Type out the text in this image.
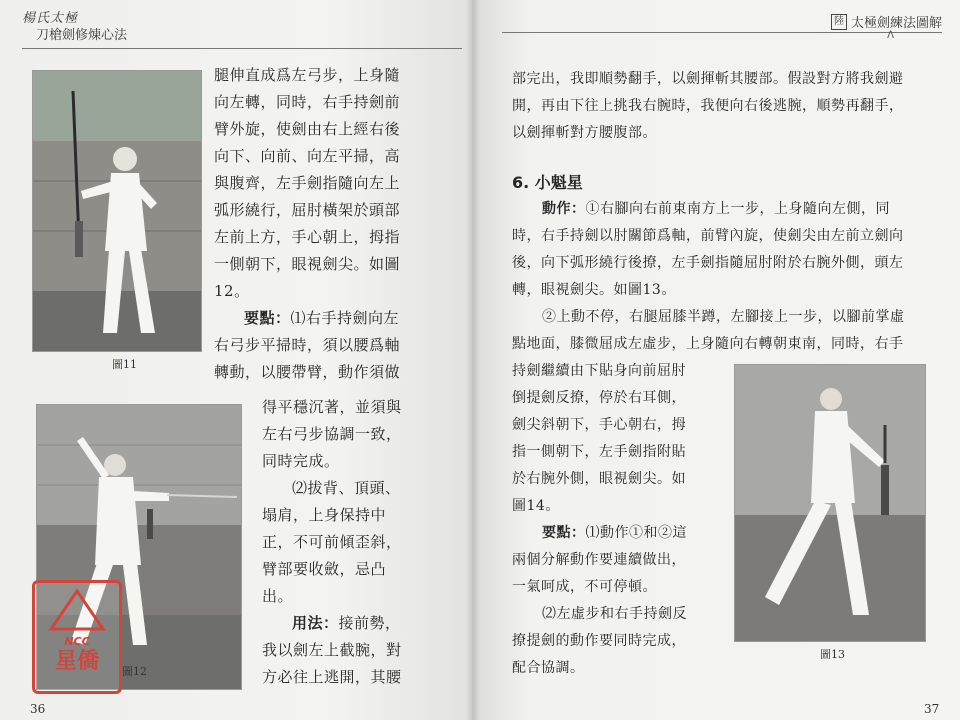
楊氏太極
刀槍劍修煉心法
圖11
腿伸直成爲左弓步，上身隨
向左轉，同時，右手持劍前
臂外旋，使劍由右上經右後
向下、向前、向左平掃，高
與腹齊，左手劍指隨向左上
弧形繞行，屈肘橫架於頭部
左前上方，手心朝上，拇指
一側朝下，眼視劍尖。如圖
12。
要點：⑴右手持劍向左
右弓步平掃時，須以腰爲軸
轉動，以腰帶臂，動作須做
圖12
得平穩沉著，並須與
左右弓步協調一致，
同時完成。
⑵拔背、頂頭、
塌肩，上身保持中
正，不可前傾歪斜，
臂部要收斂，忌凸
出。
用法：接前勢，
我以劍左上截腕，對
方必往上逃開，其腰
36
NCC
星僑
陸 太極劍練法圖解
ᐱ
部完出，我即順勢翻手，以劍揮斬其腰部。假設對方將我劍避
開，再由下往上挑我右腕時，我便向右後逃腕，順勢再翻手，
以劍揮斬對方腰腹部。
6. 小魁星
動作：①右腳向右前東南方上一步，上身隨向左側，同
時，右手持劍以肘關節爲軸，前臂內旋，使劍尖由左前立劍向
後，向下弧形繞行後撩，左手劍指隨屈肘附於右腕外側，頭左
轉，眼視劍尖。如圖13。
②上動不停，右腿屈膝半蹲，左腳接上一步，以腳前掌虛
點地面，膝微屈成左虛步，上身隨向右轉朝東南，同時，右手
持劍繼續由下貼身向前屈肘
倒提劍反撩，停於右耳側，
劍尖斜朝下，手心朝右，拇
指一側朝下，左手劍指附貼
於右腕外側，眼視劍尖。如
圖14。
要點：⑴動作①和②這
兩個分解動作要連續做出，
一氣呵成，不可停頓。
⑵左虛步和右手持劍反
撩提劍的動作要同時完成，
配合協調。
圖13
37
